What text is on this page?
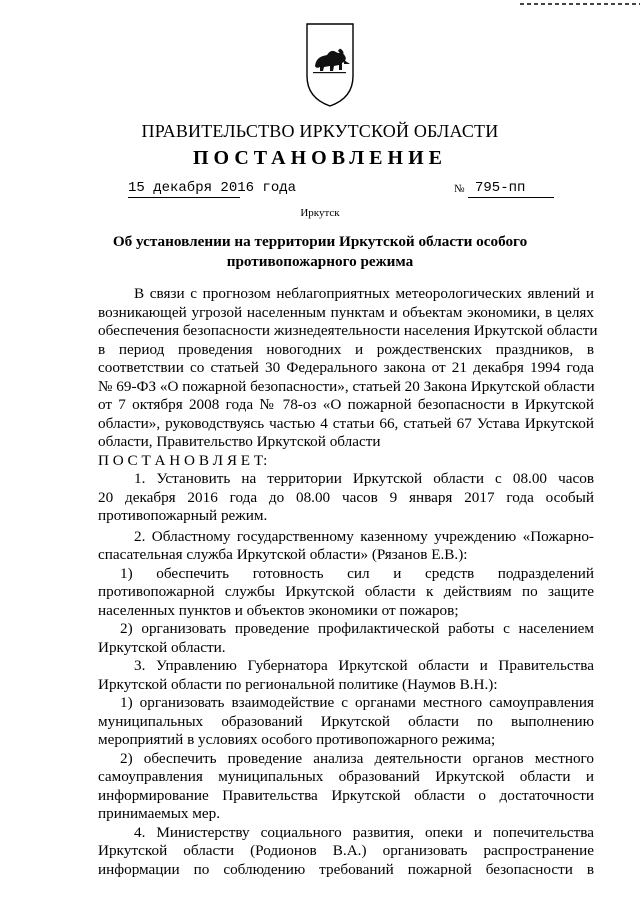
ПРАВИТЕЛЬСТВО ИРКУТСКОЙ ОБЛАСТИ
ПОСТАНОВЛЕНИЕ
15 декабря 2016 года	№ 795-пп
Иркутск
Об установлении на территории Иркутской области особого
противопожарного режима
В связи с прогнозом неблагоприятных метеорологических явлений и
возникающей угрозой населенным пунктам и объектам экономики, в целях
обеспечения безопасности жизнедеятельности населения Иркутской области
в период проведения новогодних и рождественских праздников, в
соответствии со статьей 30 Федерального закона от 21 декабря 1994 года
№ 69-ФЗ «О пожарной безопасности», статьей 20 Закона Иркутской области
от 7 октября 2008 года № 78-оз «О пожарной безопасности в Иркутской
области», руководствуясь частью 4 статьи 66, статьей 67 Устава Иркутской
области, Правительство Иркутской области
П О С Т А Н О В Л Я Е Т:
1. Установить на территории Иркутской области с 08.00 часов
20 декабря 2016 года до 08.00 часов 9 января 2017 года особый
противопожарный режим.
2. Областному государственному казенному учреждению «Пожарно-
спасательная служба Иркутской области» (Рязанов Е.В.):
1) обеспечить готовность сил и средств подразделений
противопожарной службы Иркутской области к действиям по защите
населенных пунктов и объектов экономики от пожаров;
2) организовать проведение профилактической работы с населением
Иркутской области.
3. Управлению Губернатора Иркутской области и Правительства
Иркутской области по региональной политике (Наумов В.Н.):
1) организовать взаимодействие с органами местного самоуправления
муниципальных образований Иркутской области по выполнению
мероприятий в условиях особого противопожарного режима;
2) обеспечить проведение анализа деятельности органов местного
самоуправления муниципальных образований Иркутской области и
информирование Правительства Иркутской области о достаточности
принимаемых мер.
4. Министерству социального развития, опеки и попечительства
Иркутской области (Родионов В.А.) организовать распространение
информации по соблюдению требований пожарной безопасности в
